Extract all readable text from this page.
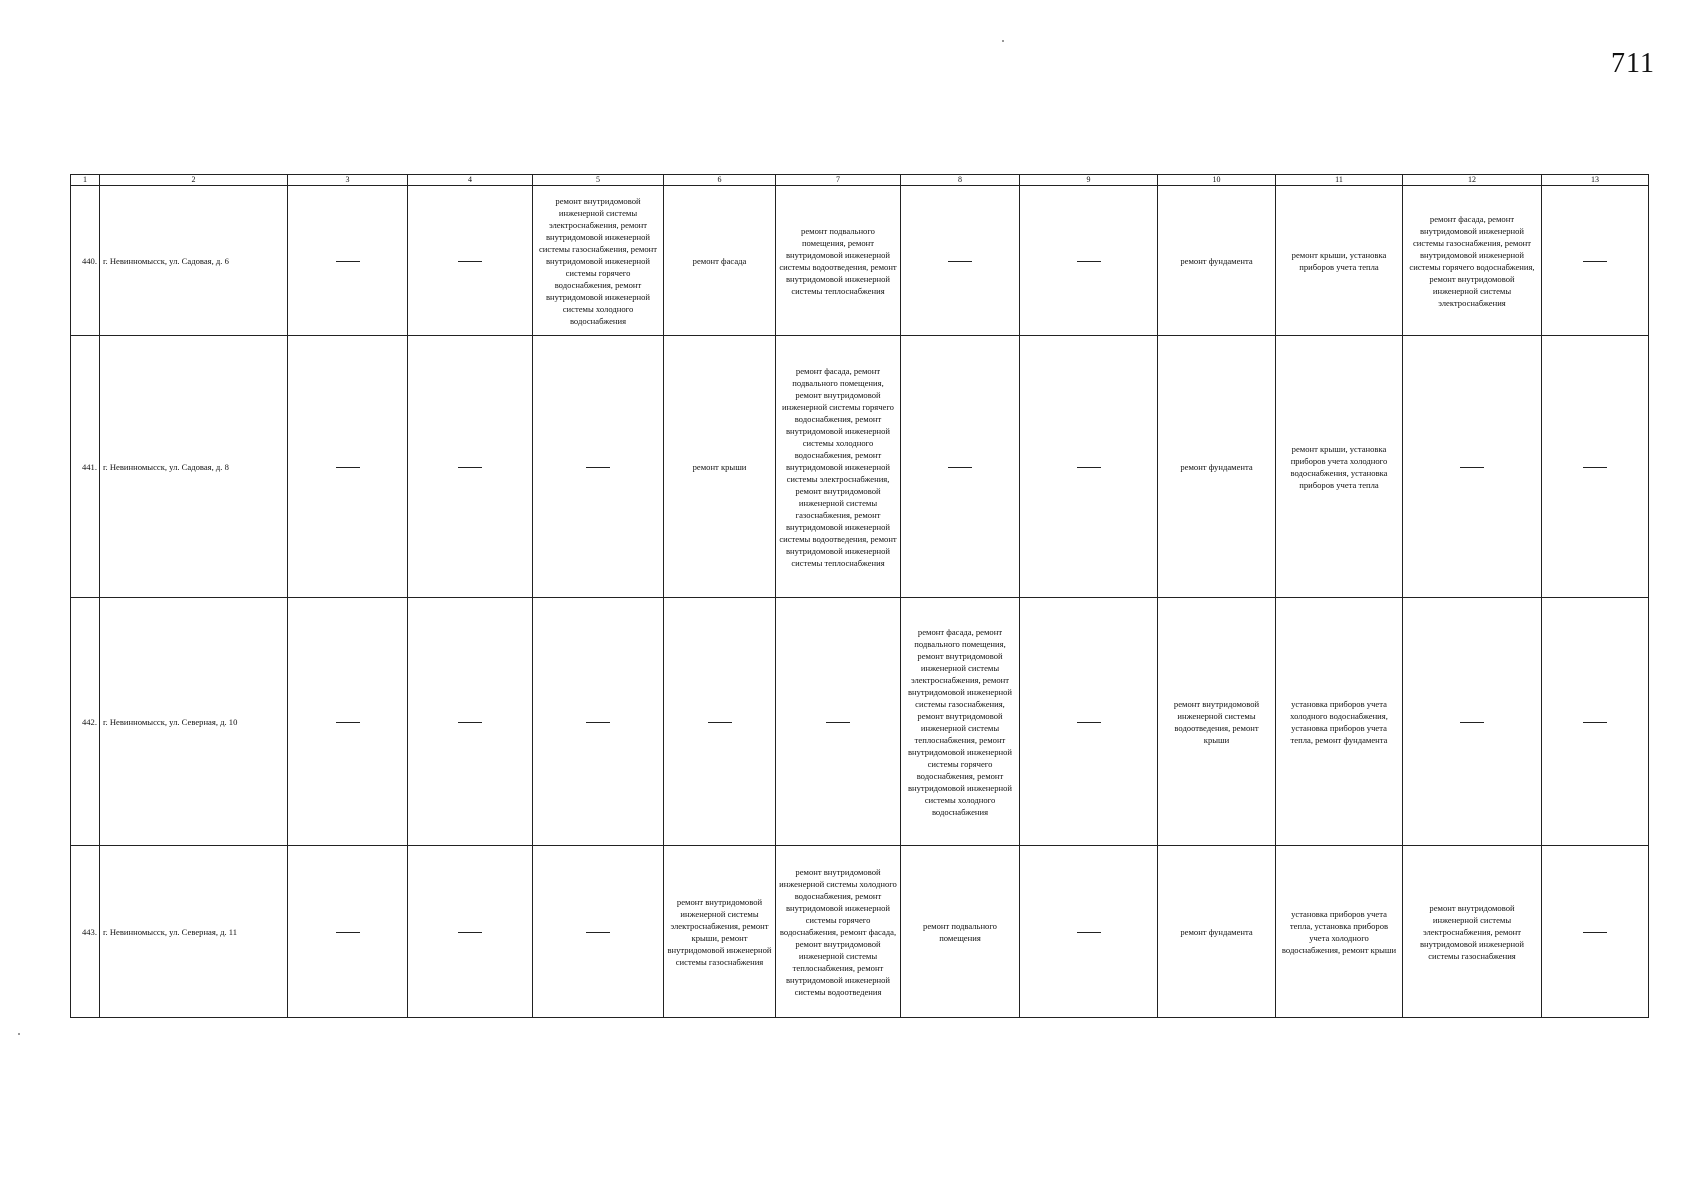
711
1	2	3	4	5	6	7	8	9	10	11	12	13
440.	г. Невинномысск, ул. Садовая, д. 6			ремонт внутридомовой инженерной системы электроснабжения, ремонт внутридомовой инженерной системы газоснабжения, ремонт внутридомовой инженерной системы горячего водоснабжения, ремонт внутридомовой инженерной системы холодного водоснабжения	ремонт фасада	ремонт подвального помещения, ремонт внутридомовой инженерной системы водоотведения, ремонт внутридомовой инженерной системы теплоснабжения			ремонт фундамента	ремонт крыши, установка приборов учета тепла	ремонт фасада, ремонт внутридомовой инженерной системы газоснабжения, ремонт внутридомовой инженерной системы горячего водоснабжения, ремонт внутридомовой инженерной системы электроснабжения	

441.	г. Невинномысск, ул. Садовая, д. 8				ремонт крыши	ремонт фасада, ремонт подвального помещения, ремонт внутридомовой инженерной системы горячего водоснабжения, ремонт внутридомовой инженерной системы холодного водоснабжения, ремонт внутридомовой инженерной системы электроснабжения, ремонт внутридомовой инженерной системы газоснабжения, ремонт внутридомовой инженерной системы водоотведения, ремонт внутридомовой инженерной системы теплоснабжения			ремонт фундамента	ремонт крыши, установка приборов учета холодного водоснабжения, установка приборов учета тепла		

442.	г. Невинномысск, ул. Северная, д. 10						ремонт фасада, ремонт подвального помещения, ремонт внутридомовой инженерной системы электроснабжения, ремонт внутридомовой инженерной системы газоснабжения, ремонт внутридомовой инженерной системы теплоснабжения, ремонт внутридомовой инженерной системы горячего водоснабжения, ремонт внутридомовой инженерной системы холодного водоснабжения		ремонт внутридомовой инженерной системы водоотведения, ремонт крыши	установка приборов учета холодного водоснабжения, установка приборов учета тепла, ремонт фундамента		

443.	г. Невинномысск, ул. Северная, д. 11				ремонт внутридомовой инженерной системы электроснабжения, ремонт крыши, ремонт внутридомовой инженерной системы газоснабжения	ремонт внутридомовой инженерной системы холодного водоснабжения, ремонт внутридомовой инженерной системы горячего водоснабжения, ремонт фасада, ремонт внутридомовой инженерной системы теплоснабжения, ремонт внутридомовой инженерной системы водоотведения	ремонт подвального помещения		ремонт фундамента	установка приборов учета тепла, установка приборов учета холодного водоснабжения, ремонт крыши	ремонт внутридомовой инженерной системы электроснабжения, ремонт внутридомовой инженерной системы газоснабжения	
